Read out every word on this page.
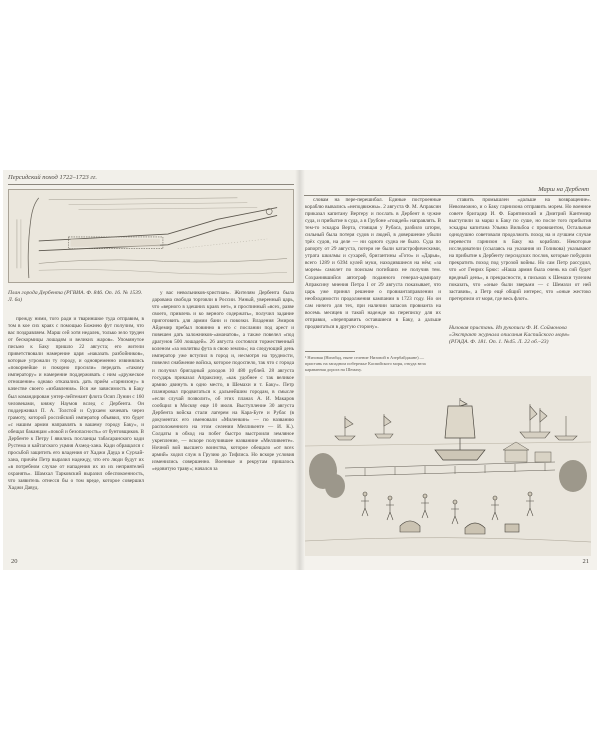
Персидский поход 1722–1723 гг.
План города Дербента (РГВИА. Ф. 846. Оп. 16. № 1539. Л. 6а)

прежду ними, того ради и твариншюе туда отправим, в том в кое сих краях с помощью Божиею фут получим, что вас поздравляем. Марш сей хотя недалек, только зело труден от бескормицы лошадям и великих жаров». Упомянутое письмо к Баку пришло 22 августа; его жители приветствовали намерение царя «наказать разбойников», которые угрожали ту городу, и одновременно извинялись «покорнейше и покорно просили» передать «такому императору» и намерение поддерживать с ним «дружеское отношение» однако отказались дать приём «гарнизону» в качестве своего «избавления». Вся же зависимость в Баку был командирован унтер-лейтенант флота Осип Лунин с 160 человеками, княжу Наумов вслед с Дербента. Он поддерживал П. А. Толстой и Сурхаем кочевать через грамоту, которой российский император объявил, что будет «с нашим армии направлять в вашему городу Баку», и обещал баканцам «покой и безопасность» от бунтовщиков. В Дербенте к Петру I явились посланцы табасаранского кади Рустема и кайтагского уцмия Ахмед-хана. Кади обращался с просьбой защитить его владения от Хаджи Дауда и Сурхай-хана, причём Петр выразил надежду, что его люди будут их «в потребном случае от нападения их из их неприятелей охранять». Шамхал Тарковский выразил обеспокоенность, что заявитель отнесся бы о том вреде, которое совершил Хаджи Давуд.

у вас невольников-христиан». Жителям Дербента была дарована свобода торговли в России. Умный, уверенный царь, что «верного в здешних краях нет», и проспинный «всех, разве своего, привлечь и ко верного содержать», получил задание приготовить для армии бани и повозки. Владения Эмиров Айдемир пребыл повинно в его с послании под арест и повешен дать заложников-«аманатов», а также повелел «под драгунов 500 лошадей». 26 августа состоялся торжественный коленом «за молитвы фута в свою землю»; на следующий день император уже вступил в город и, несмотря на трудности, повелел снабжение войска, которое подоспело, так что с города и получил бригадный доходов 10 480 рублей. 28 августа государь приказал Апраксину, «как удобнее с так великое армию двинуть в одно место, в Шемахи и т. Баку». Петр планировал продвигаться к дальнейшим городам, в смысле «если случай позволит», об этих планах А. И. Макаров сообщил в Москву еще 10 июля. Выступление 30 августа Дербента войска стали лагерем на Кара-Буге и Рубас (в документах его именовали «Миленкин» — по названию расположенного на этом селении Мелликенте — И. К.). Солдаты в обход на побег быстро выстроили земляное укрепление, — вскоре получившее названиие «Мелливенте». Ночной вой высшего воинства, которое обещало «от всех армий» ходил служ в Грузию до Тифлиса. Но вскоре условия изменились совершенно. Военные и рекрутам пришлось «едовитую траву»; начался за

20
Марш на Дербент

словам на пере-перешибал. Единые построенные кораблю вывались «неподвижны». 2 августа Ф. М. Апраксин приказал капитану Вертеру и послать в Дербент в чужие суда, и прибытие в суда, а в Грубоне «гощдей» направлять. В тем-то эскадра Верта, стоящая у Рубаса, разбило шторм, сильный была потеря судов и людей, в довершение убыли трёх судов, на деле — ни одного судна не было. Суда по рапорту от 29 августа, потери не были катастрофическими, утрата шкилмы и сухарей, бригантины «Гото» и «Дарья», всего 1289 и 6394 кулей муки, находившиеся на нём; «за морем» самолет по поискам погибших не получив тем. Сохранившийся автограф поданного генерал-адмиралу Апраксину мнения Петра I от 29 августа показывает, что царь уже принял решение о провиантаправлении и необходимости продолжения кампании в 1723 году. Но он сам ничего для тех, при наличии запасов провианта на восемь месяцев и такой надежде на переписку для их отправки, «переправить оставшиеся в Баку, а дальше продвигаться в другую сторону».

ставить промышлен «дальше на возвращение». Невозможно, и о Баку гарнизона отправить морем. Но военное совете бригадир И. Ф. Барятинский и Дмитрий Кантемир выступили за марш к Баку по суше, но после того прибытия эскадры капитана Ульяна Вильбоа с провиантом, Остальные однодушно советовали продолжить поход на и лучшем случае перевести гарнизон в Баку на кораблях. Некоторые исследователи (ссылаясь на указания из Голикова) указывают на прибытие к Дербенту персидских послов, которые побудили прекратить поход под угрозой войны. Но сам Петр рассудил, что «от Генрих Брюс: «Наша армия была очень на сий будет вредный день», в прекрасности, в письмах к Шемахи тулезим показать, что «оные были зверьми — с Шемахи от ней заставив», а Петр ещё общий интерес, что «оные жестоко претерпели от моря, где весь флот».

¹ Низовая (Низабад, ныне селение Низовой в Азербайджане) — пристань на западном побережье Каспийского моря, откуда вела караванная дорога на Шемаху.
Низовая пристань. Из рукописи Ф. И. Соймонова «Экстракт журнала описания Каспийского моря» (РГАДА. Ф. 181. Оп. 1. №45. Л. 22 об.–23)
21
